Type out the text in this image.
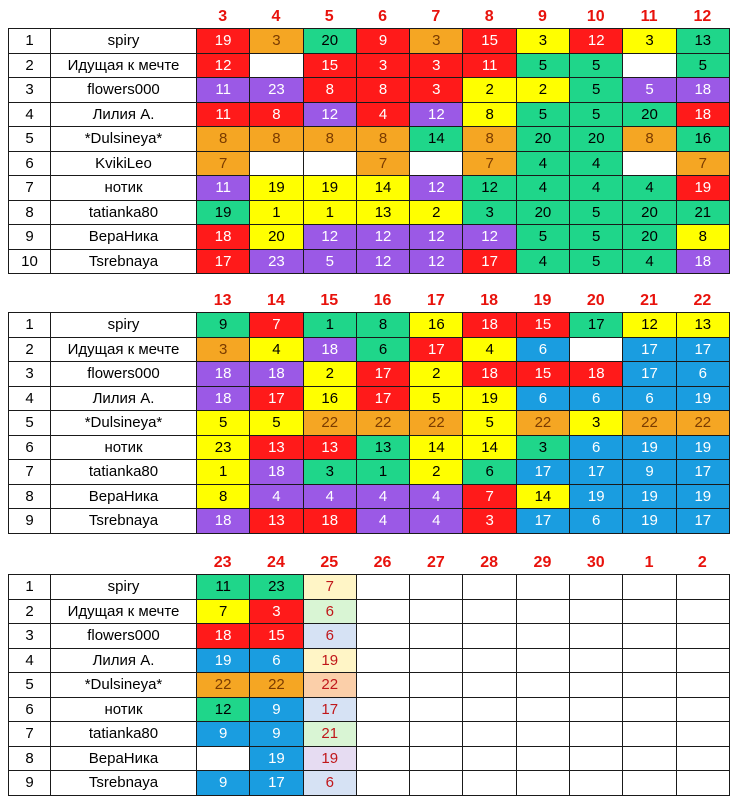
3	4	5	6	7	8	9	10	11	12
1	spiry	19	3	20	9	3	15	3	12	3	13
2	Идущая к мечте	12		15	3	3	11	5	5		5
3	flowers000	11	23	8	8	3	2	2	5	5	18
4	Лилия А.	11	8	12	4	12	8	5	5	20	18
5	*Dulsineya*	8	8	8	8	14	8	20	20	8	16
6	KvikiLeo	7			7		7	4	4		7
7	нотик	11	19	19	14	12	12	4	4	4	19
8	tatianka80	19	1	1	13	2	3	20	5	20	21
9	ВераНика	18	20	12	12	12	12	5	5	20	8
10	Tsrebnaya	17	23	5	12	12	17	4	5	4	18
13	14	15	16	17	18	19	20	21	22
1	spiry	9	7	1	8	16	18	15	17	12	13
2	Идущая к мечте	3	4	18	6	17	4	6		17	17
3	flowers000	18	18	2	17	2	18	15	18	17	6
4	Лилия А.	18	17	16	17	5	19	6	6	6	19
5	*Dulsineya*	5	5	22	22	22	5	22	3	22	22
6	нотик	23	13	13	13	14	14	3	6	19	19
7	tatianka80	1	18	3	1	2	6	17	17	9	17
8	ВераНика	8	4	4	4	4	7	14	19	19	19
9	Tsrebnaya	18	13	18	4	4	3	17	6	19	17
23	24	25	26	27	28	29	30	1	2
1	spiry	11	23	7							
2	Идущая к мечте	7	3	6							
3	flowers000	18	15	6							
4	Лилия А.	19	6	19							
5	*Dulsineya*	22	22	22							
6	нотик	12	9	17							
7	tatianka80	9	9	21							
8	ВераНика		19	19							
9	Tsrebnaya	9	17	6							
